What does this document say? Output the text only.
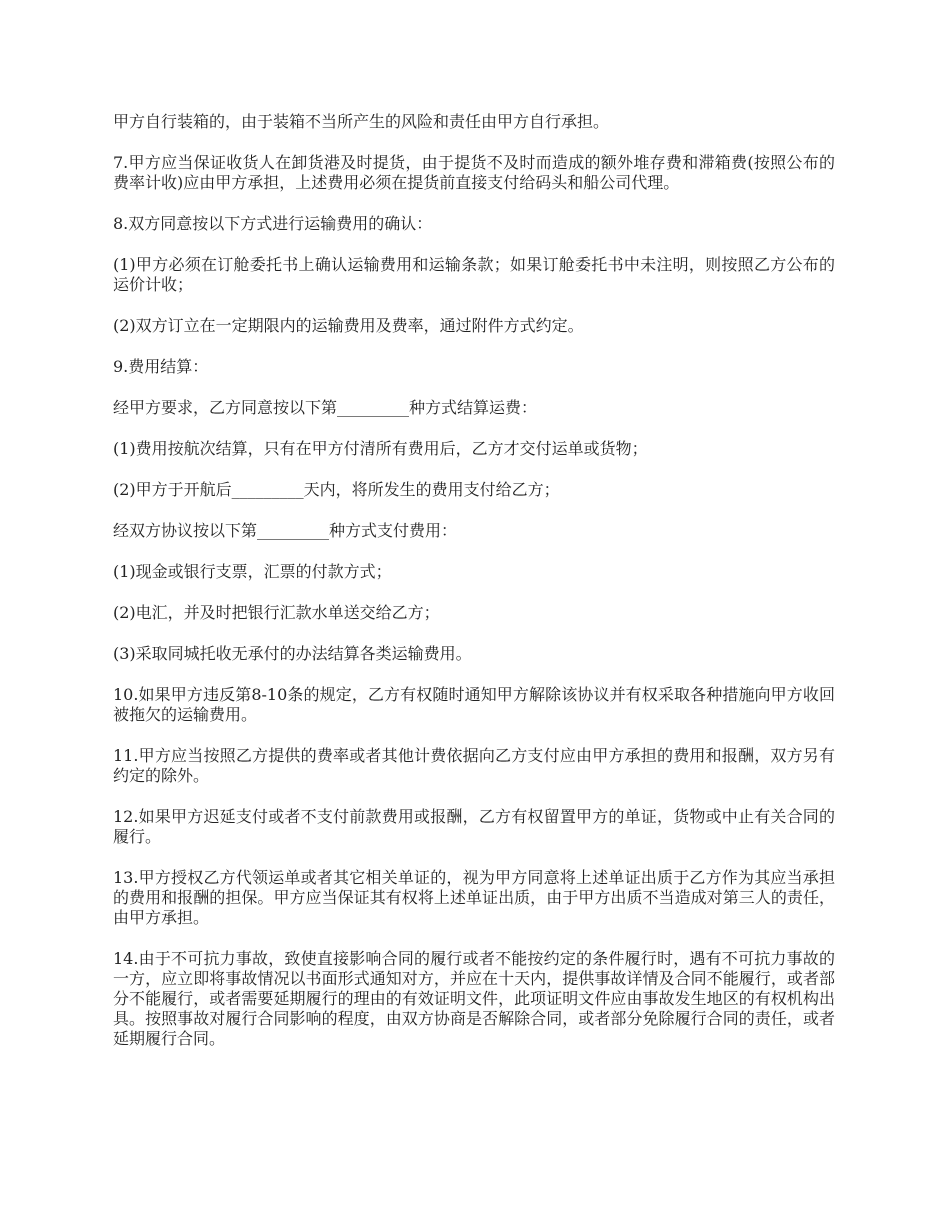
甲方自行装箱的，由于装箱不当所产生的风险和责任由甲方自行承担。

7.甲方应当保证收货人在卸货港及时提货，由于提货不及时而造成的额外堆存费和滞箱费(按照公布的费率计收)应由甲方承担，上述费用必须在提货前直接支付给码头和船公司代理。

8.双方同意按以下方式进行运输费用的确认：

(1)甲方必须在订舱委托书上确认运输费用和运输条款；如果订舱委托书中未注明，则按照乙方公布的运价计收；

(2)双方订立在一定期限内的运输费用及费率，通过附件方式约定。

9.费用结算：

经甲方要求，乙方同意按以下第_________种方式结算运费：

(1)费用按航次结算，只有在甲方付清所有费用后，乙方才交付运单或货物；

(2)甲方于开航后_________天内，将所发生的费用支付给乙方；

经双方协议按以下第_________种方式支付费用：

(1)现金或银行支票，汇票的付款方式；

(2)电汇，并及时把银行汇款水单送交给乙方；

(3)采取同城托收无承付的办法结算各类运输费用。

10.如果甲方违反第8-10条的规定，乙方有权随时通知甲方解除该协议并有权采取各种措施向甲方收回被拖欠的运输费用。

11.甲方应当按照乙方提供的费率或者其他计费依据向乙方支付应由甲方承担的费用和报酬，双方另有约定的除外。

12.如果甲方迟延支付或者不支付前款费用或报酬，乙方有权留置甲方的单证，货物或中止有关合同的履行。

13.甲方授权乙方代领运单或者其它相关单证的，视为甲方同意将上述单证出质于乙方作为其应当承担的费用和报酬的担保。甲方应当保证其有权将上述单证出质，由于甲方出质不当造成对第三人的责任，由甲方承担。

14.由于不可抗力事故，致使直接影响合同的履行或者不能按约定的条件履行时，遇有不可抗力事故的一方，应立即将事故情况以书面形式通知对方，并应在十天内，提供事故详情及合同不能履行，或者部分不能履行，或者需要延期履行的理由的有效证明文件，此项证明文件应由事故发生地区的有权机构出具。按照事故对履行合同影响的程度，由双方协商是否解除合同，或者部分免除履行合同的责任，或者延期履行合同。
